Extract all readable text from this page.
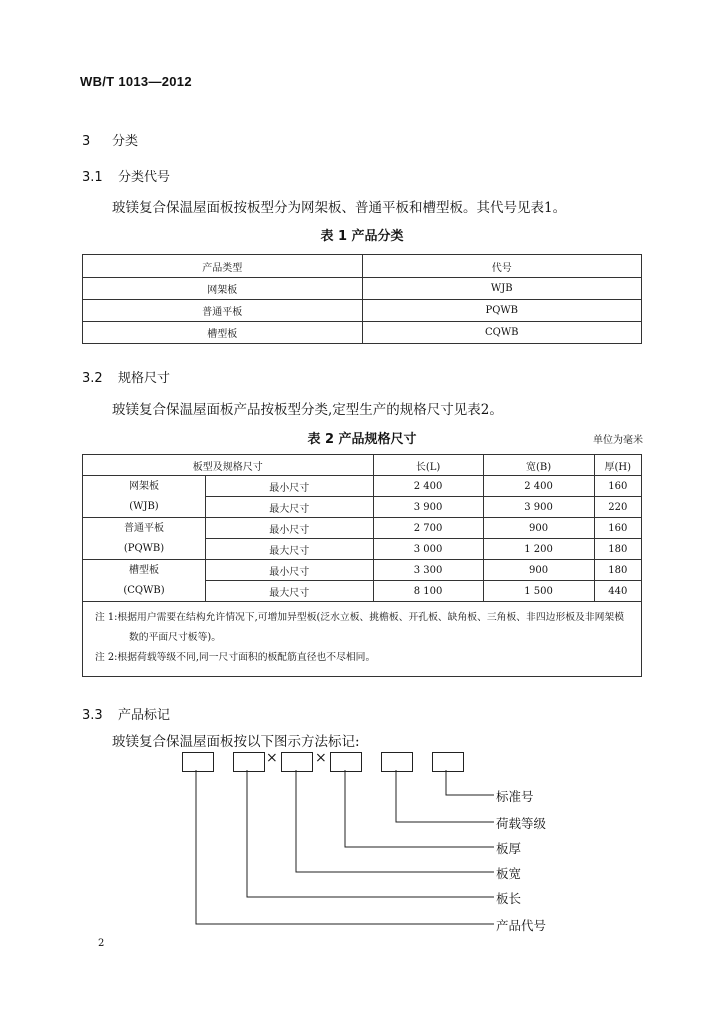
WB/T 1013—2012
3 分类
3.1 分类代号
玻镁复合保温屋面板按板型分为网架板、普通平板和槽型板。其代号见表1。
表 1 产品分类
产品类型	代号
网架板	WJB
普通平板	PQWB
槽型板	CQWB
3.2 规格尺寸
玻镁复合保温屋面板产品按板型分类,定型生产的规格尺寸见表2。
表 2 产品规格尺寸	单位为毫米
板型及规格尺寸		长(L)	宽(B)	厚(H)
网架板
(WJB)	最小尺寸	2 400	2 400	160
	最大尺寸	3 900	3 900	220
普通平板
(PQWB)	最小尺寸	2 700	900	160
	最大尺寸	3 000	1 200	180
槽型板
(CQWB)	最小尺寸	3 300	900	180
	最大尺寸	8 100	1 500	440

注 1:根据用户需要在结构允许情况下,可增加异型板(泛水立板、挑檐板、开孔板、缺角板、三角板、非四边形板及非网架模数的平面尺寸板等)。
注 2:根据荷载等级不同,同一尺寸面积的板配筋直径也不尽相同。				
3.3 产品标记
玻镁复合保温屋面板按以下图示方法标记:
×	×
标准号
荷载等级
板厚
板宽
板长
产品代号
2
